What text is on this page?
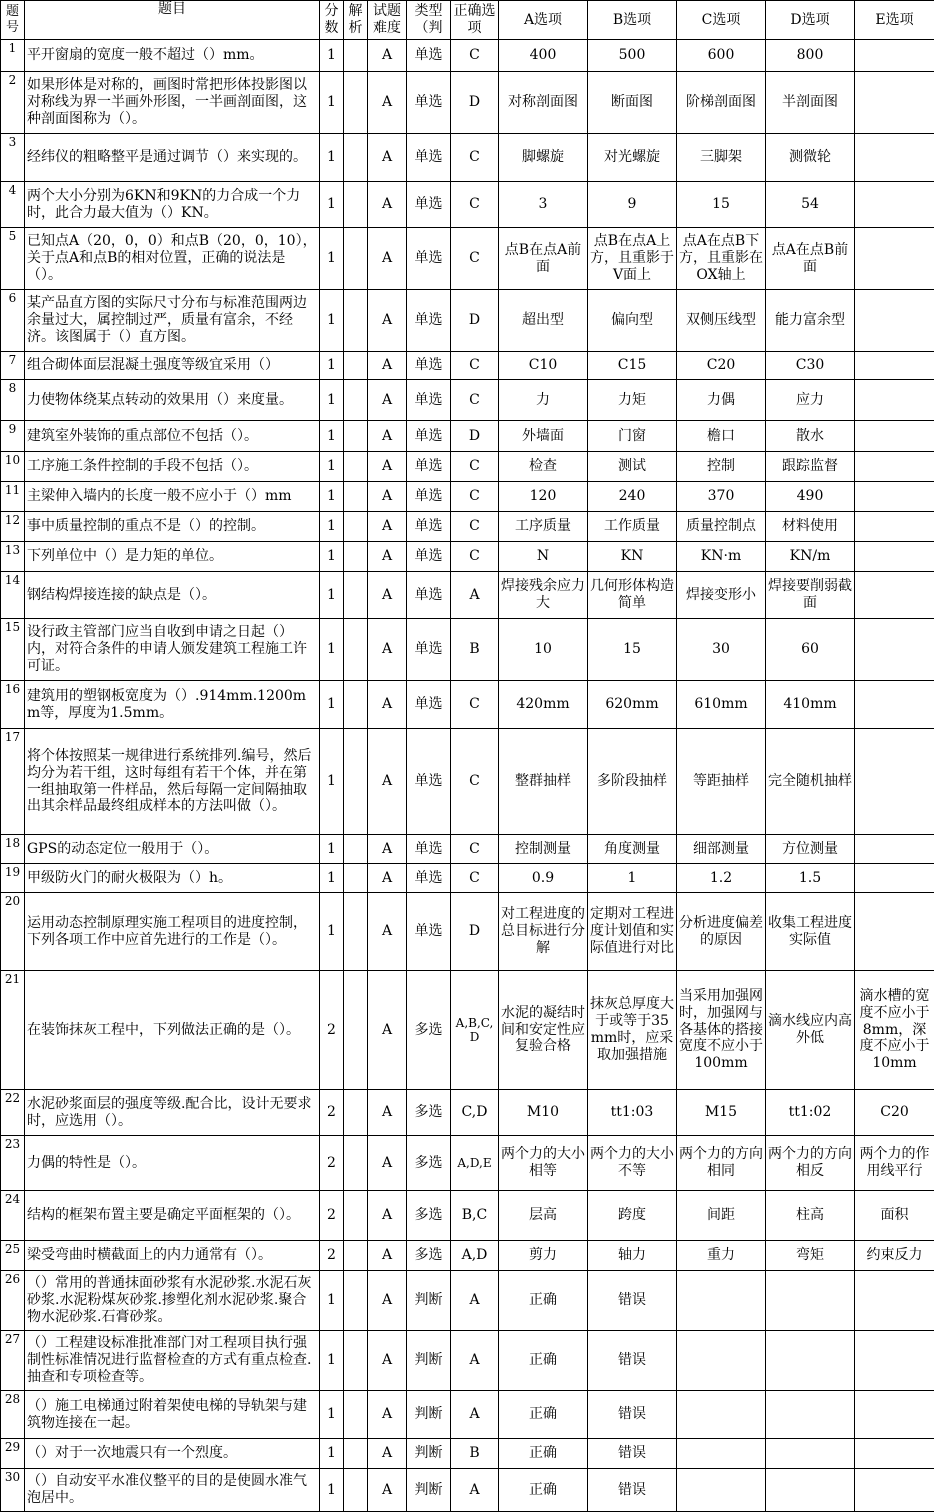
题号	题目	分数	解析	试题难度	类型（判	正确选项	A选项	B选项	C选项	D选项	E选项
1	平开窗扇的宽度一般不超过（）mm。	1		A	单选	C	400	500	600	800	
2	如果形体是对称的，画图时常把形体投影图以对称线为界一半画外形图，一半画剖面图，这种剖面图称为（）。	1		A	单选	D	对称剖面图	断面图	阶梯剖面图	半剖面图	
3	经纬仪的粗略整平是通过调节（）来实现的。	1		A	单选	C	脚螺旋	对光螺旋	三脚架	测微轮	
4	两个大小分别为6KN和9KN的力合成一个力时，此合力最大值为（）KN。	1		A	单选	C	3	9	15	54	
5	已知点A（20，0，0）和点B（20，0，10），关于点A和点B的相对位置，正确的说法是（）。	1		A	单选	C	点B在点A前面	点B在点A上方，且重影于V面上	点A在点B下方，且重影在OX轴上	点A在点B前面	
6	某产品直方图的实际尺寸分布与标准范围两边余量过大，属控制过严，质量有富余，不经济。该图属于（）直方图。	1		A	单选	D	超出型	偏向型	双侧压线型	能力富余型	
7	组合砌体面层混凝土强度等级宜采用（）	1		A	单选	C	C10	C15	C20	C30	
8	力使物体绕某点转动的效果用（）来度量。	1		A	单选	C	力	力矩	力偶	应力	
9	建筑室外装饰的重点部位不包括（）。	1		A	单选	D	外墙面	门窗	檐口	散水	
10	工序施工条件控制的手段不包括（）。	1		A	单选	C	检查	测试	控制	跟踪监督	
11	主梁伸入墙内的长度一般不应小于（）mm	1		A	单选	C	120	240	370	490	
12	事中质量控制的重点不是（）的控制。	1		A	单选	C	工序质量	工作质量	质量控制点	材料使用	
13	下列单位中（）是力矩的单位。	1		A	单选	C	N	KN	KN·m	KN/m	
14	钢结构焊接连接的缺点是（）。	1		A	单选	A	焊接残余应力大	几何形体构造简单	焊接变形小	焊接要削弱截面	
15	设行政主管部门应当自收到申请之日起（）内，对符合条件的申请人颁发建筑工程施工许可证。	1		A	单选	B	10	15	30	60	
16	建筑用的塑钢板宽度为（）.914mm.1200mm等，厚度为1.5mm。	1		A	单选	C	420mm	620mm	610mm	410mm	
17	将个体按照某一规律进行系统排列.编号，然后均分为若干组，这时每组有若干个体，并在第一组抽取第一件样品，然后每隔一定间隔抽取出其余样品最终组成样本的方法叫做（）。	1		A	单选	C	整群抽样	多阶段抽样	等距抽样	完全随机抽样	
18	GPS的动态定位一般用于（）。	1		A	单选	C	控制测量	角度测量	细部测量	方位测量	
19	甲级防火门的耐火极限为（）h。	1		A	单选	C	0.9	1	1.2	1.5	
20	运用动态控制原理实施工程项目的进度控制，下列各项工作中应首先进行的工作是（）。	1		A	单选	D	对工程进度的总目标进行分解	定期对工程进度计划值和实际值进行对比	分析进度偏差的原因	收集工程进度实际值	
21	在装饰抹灰工程中，下列做法正确的是（）。	2		A	多选	A,B,C,D	水泥的凝结时间和安定性应复验合格	抹灰总厚度大于或等于35mm时，应采取加强措施	当采用加强网时，加强网与各基体的搭接宽度不应小于100mm	滴水线应内高外低	滴水槽的宽度不应小于8mm，深度不应小于10mm
22	水泥砂浆面层的强度等级.配合比，设计无要求时，应选用（）。	2		A	多选	C,D	M10	tt1:03	M15	tt1:02	C20
23	力偶的特性是（）。	2		A	多选	A,D,E	两个力的大小相等	两个力的大小不等	两个力的方向相同	两个力的方向相反	两个力的作用线平行
24	结构的框架布置主要是确定平面框架的（）。	2		A	多选	B,C	层高	跨度	间距	柱高	面积
25	梁受弯曲时横截面上的内力通常有（）。	2		A	多选	A,D	剪力	轴力	重力	弯矩	约束反力
26	（）常用的普通抹面砂浆有水泥砂浆.水泥石灰砂浆.水泥粉煤灰砂浆.掺塑化剂水泥砂浆.聚合物水泥砂浆.石膏砂浆。	1		A	判断	A	正确	错误			
27	（）工程建设标准批准部门对工程项目执行强制性标准情况进行监督检查的方式有重点检查.抽查和专项检查等。	1		A	判断	A	正确	错误			
28	（）施工电梯通过附着架使电梯的导轨架与建筑物连接在一起。	1		A	判断	A	正确	错误			
29	（）对于一次地震只有一个烈度。	1		A	判断	B	正确	错误			
30	（）自动安平水准仪整平的目的是使圆水准气泡居中。	1		A	判断	A	正确	错误			
